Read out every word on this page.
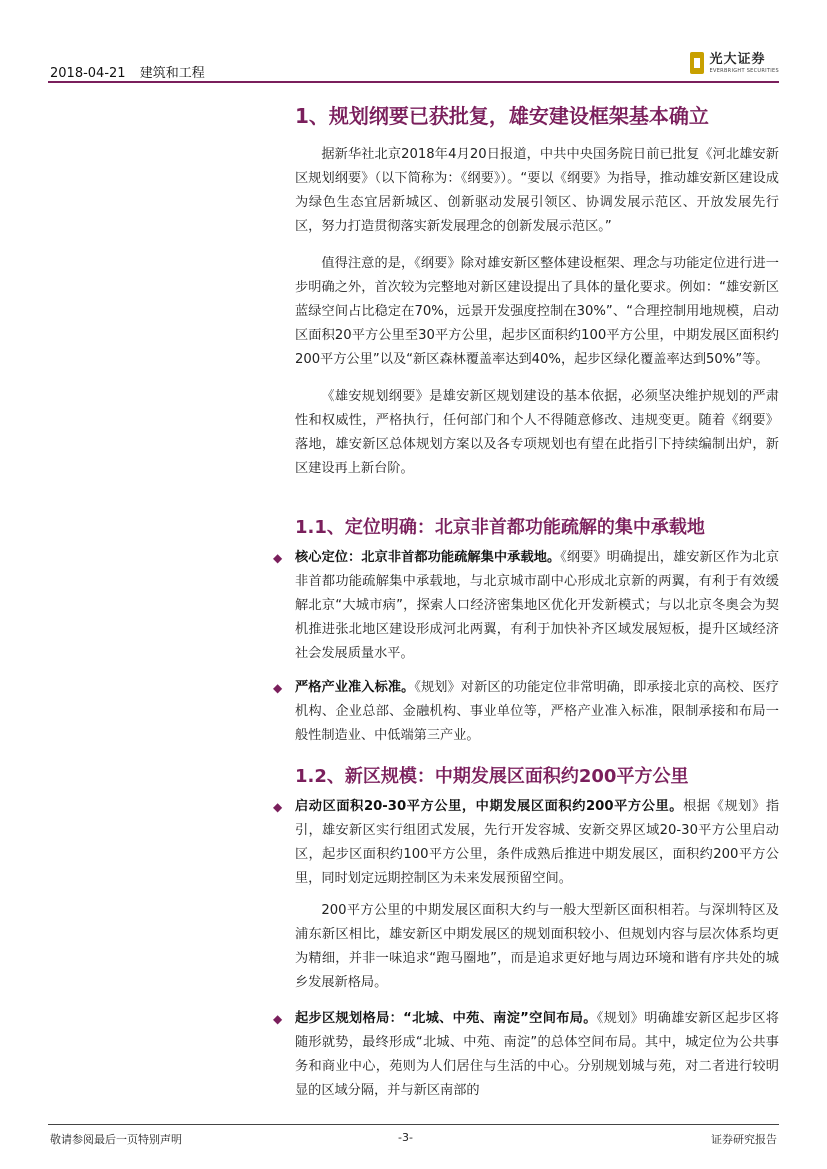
2018-04-21 建筑和工程
光大证券
EVERBRIGHT SECURITIES
1、规划纲要已获批复，雄安建设框架基本确立

据新华社北京2018年4月20日报道，中共中央国务院日前已批复《河北雄安新区规划纲要》（以下简称为：《纲要》）。“要以《纲要》为指导，推动雄安新区建设成为绿色生态宜居新城区、创新驱动发展引领区、协调发展示范区、开放发展先行区，努力打造贯彻落实新发展理念的创新发展示范区。”

值得注意的是，《纲要》除对雄安新区整体建设框架、理念与功能定位进行进一步明确之外，首次较为完整地对新区建设提出了具体的量化要求。例如：“雄安新区蓝绿空间占比稳定在70%，远景开发强度控制在30%”、“合理控制用地规模，启动区面积20平方公里至30平方公里，起步区面积约100平方公里，中期发展区面积约200平方公里”以及“新区森林覆盖率达到40%，起步区绿化覆盖率达到50%”等。

《雄安规划纲要》是雄安新区规划建设的基本依据，必须坚决维护规划的严肃性和权威性，严格执行，任何部门和个人不得随意修改、违规变更。随着《纲要》落地，雄安新区总体规划方案以及各专项规划也有望在此指引下持续编制出炉，新区建设再上新台阶。

1.1、定位明确：北京非首都功能疏解的集中承载地
◆ 核心定位：北京非首都功能疏解集中承载地。《纲要》明确提出，雄安新区作为北京非首都功能疏解集中承载地，与北京城市副中心形成北京新的两翼，有利于有效缓解北京“大城市病”，探索人口经济密集地区优化开发新模式；与以北京冬奥会为契机推进张北地区建设形成河北两翼，有利于加快补齐区域发展短板，提升区域经济社会发展质量水平。
◆ 严格产业准入标准。《规划》对新区的功能定位非常明确，即承接北京的高校、医疗机构、企业总部、金融机构、事业单位等，严格产业准入标准，限制承接和布局一般性制造业、中低端第三产业。
1.2、新区规模：中期发展区面积约200平方公里
◆ 启动区面积20-30平方公里，中期发展区面积约200平方公里。根据《规划》指引，雄安新区实行组团式发展，先行开发容城、安新交界区域20-30平方公里启动区，起步区面积约100平方公里，条件成熟后推进中期发展区，面积约200平方公里，同时划定远期控制区为未来发展预留空间。

200平方公里的中期发展区面积大约与一般大型新区面积相若。与深圳特区及浦东新区相比，雄安新区中期发展区的规划面积较小、但规划内容与层次体系均更为精细，并非一味追求“跑马圈地”，而是追求更好地与周边环境和谐有序共处的城乡发展新格局。

◆ 起步区规划格局：“北城、中苑、南淀”空间布局。《规划》明确雄安新区起步区将随形就势，最终形成“北城、中苑、南淀”的总体空间布局。其中，城定位为公共事务和商业中心，苑则为人们居住与生活的中心。分别规划城与苑，对二者进行较明显的区域分隔，并与新区南部的
敬请参阅最后一页特别声明	-3-	证券研究报告
